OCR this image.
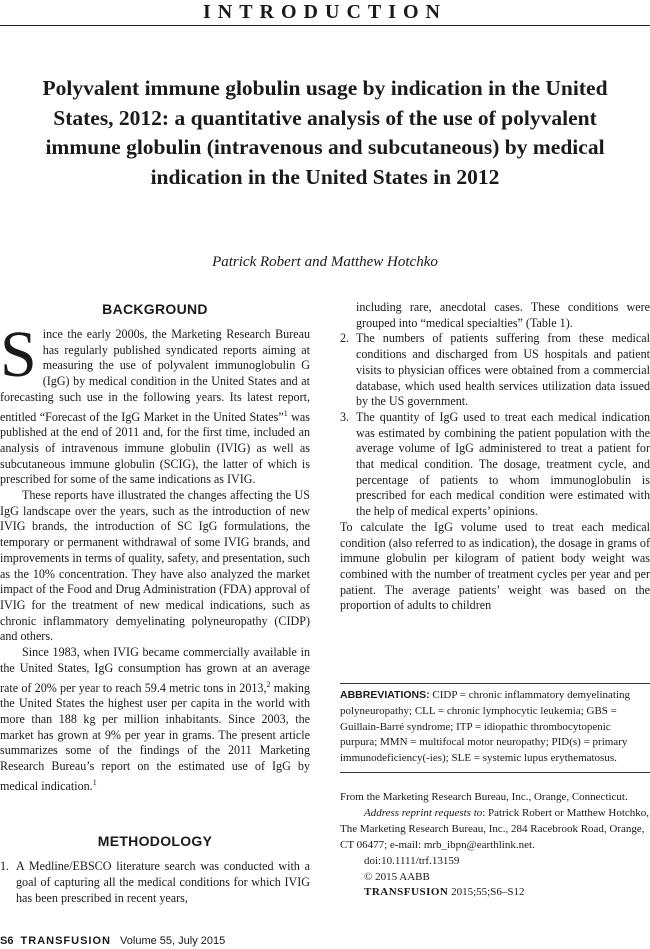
INTRODUCTION
Polyvalent immune globulin usage by indication in the United States, 2012: a quantitative analysis of the use of polyvalent immune globulin (intravenous and subcutaneous) by medical indication in the United States in 2012
Patrick Robert and Matthew Hotchko
BACKGROUND

Since the early 2000s, the Marketing Research Bureau has regularly published syndicated reports aiming at measuring the use of polyvalent immunoglobulin G (IgG) by medical condition in the United States and at forecasting such use in the following years. Its latest report, entitled “Forecast of the IgG Market in the United States”$^1$ was published at the end of 2011 and, for the first time, included an analysis of intravenous immune globulin (IVIG) as well as subcutaneous immune globulin (SCIG), the latter of which is prescribed for some of the same indications as IVIG.

These reports have illustrated the changes affecting the US IgG landscape over the years, such as the introduction of new IVIG brands, the introduction of SC IgG formulations, the temporary or permanent withdrawal of some IVIG brands, and improvements in terms of quality, safety, and presentation, such as the 10% concentration. They have also analyzed the market impact of the Food and Drug Administration (FDA) approval of IVIG for the treatment of new medical indications, such as chronic inflammatory demyelinating polyneuropathy (CIDP) and others.

Since 1983, when IVIG became commercially available in the United States, IgG consumption has grown at an average rate of 20% per year to reach 59.4 metric tons in 2013,$^2$ making the United States the highest user per capita in the world with more than 188 kg per million inhabitants. Since 2003, the market has grown at 9% per year in grams. The present article summarizes some of the findings of the 2011 Marketing Research Bureau’s report on the estimated use of IgG by medical indication.$^1$

METHODOLOGY
1. A Medline/EBSCO literature search was conducted with a goal of capturing all the medical conditions for which IVIG has been prescribed in recent years,
including rare, anecdotal cases. These conditions were grouped into “medical specialties” (Table 1).
2. The numbers of patients suffering from these medical conditions and discharged from US hospitals and patient visits to physician offices were obtained from a commercial database, which used health services utilization data issued by the US government.
3. The quantity of IgG used to treat each medical indication was estimated by combining the patient population with the average volume of IgG administered to treat a patient for that medical condition. The dosage, treatment cycle, and percentage of patients to whom immunoglobulin is prescribed for each medical condition were estimated with the help of medical experts’ opinions.

To calculate the IgG volume used to treat each medical condition (also referred to as indication), the dosage in grams of immune globulin per kilogram of patient body weight was combined with the number of treatment cycles per year and per patient. The average patients’ weight was based on the proportion of adults to children

ABBREVIATIONS: CIDP = chronic inflammatory demyelinating polyneuropathy; CLL = chronic lymphocytic leukemia; GBS = Guillain-Barré syndrome; ITP = idiopathic thrombocytopenic purpura; MMN = multifocal motor neuropathy; PID(s) = primary immunodeficiency(-ies); SLE = systemic lupus erythematosus.

From the Marketing Research Bureau, Inc., Orange, Connecticut.

Address reprint requests to: Patrick Robert or Matthew Hotchko, The Marketing Research Bureau, Inc., 284 Racebrook Road, Orange, CT 06477; e-mail: mrb_ibpn@earthlink.net.

doi:10.1111/trf.13159

© 2015 AABB

TRANSFUSION 2015;55;S6–S12

S6 TRANSFUSION Volume 55, July 2015
